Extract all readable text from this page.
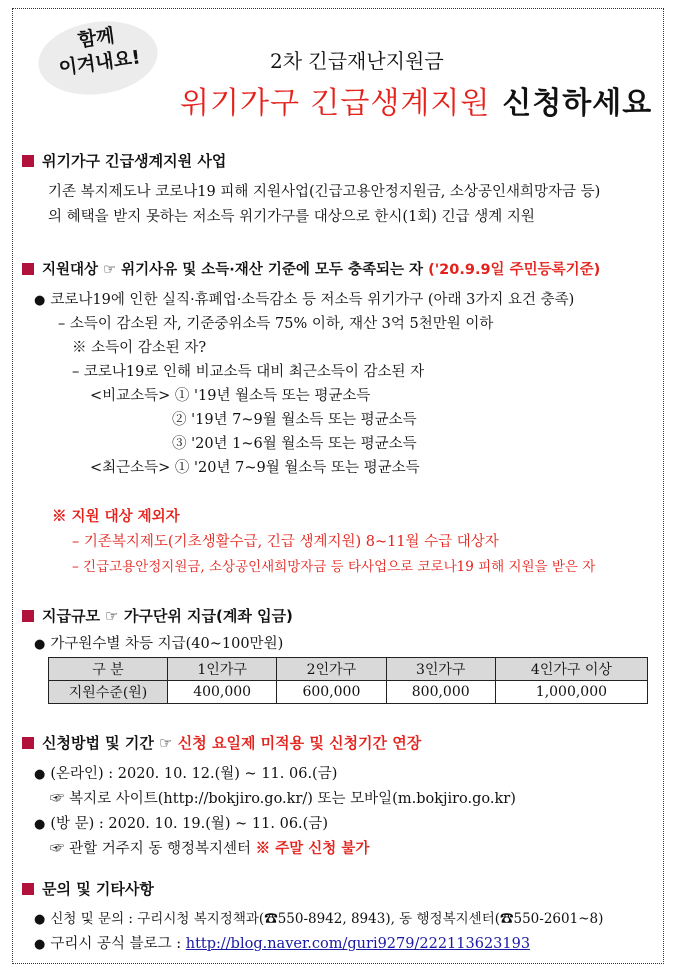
함께
이겨내요!	2차 긴급재난지원금
위기가구 긴급생계지원 신청하세요
위기가구 긴급생계지원 사업
기존 복지제도나 코로나19 피해 지원사업(긴급고용안정지원금, 소상공인새희망자금 등)
의 혜택을 받지 못하는 저소득 위기가구를 대상으로 한시(1회) 긴급 생계 지원
지원대상 ☞ 위기사유 및 소득·재산 기준에 모두 충족되는 자 ('20.9.9일 주민등록기준)
● 코로나19에 인한 실직·휴폐업·소득감소 등 저소득 위기가구 (아래 3가지 요건 충족)
– 소득이 감소된 자, 기준중위소득 75% 이하, 재산 3억 5천만원 이하
※ 소득이 감소된 자?
– 코로나19로 인해 비교소득 대비 최근소득이 감소된 자
<비교소득> ① '19년 월소득 또는 평균소득
② '19년 7~9월 월소득 또는 평균소득
③ '20년 1~6월 월소득 또는 평균소득
<최근소득> ① '20년 7~9월 월소득 또는 평균소득
※ 지원 대상 제외자
– 기존복지제도(기초생활수급, 긴급 생계지원) 8~11월 수급 대상자
– 긴급고용안정지원금, 소상공인새희망자금 등 타사업으로 코로나19 피해 지원을 받은 자
지급규모 ☞ 가구단위 지급(계좌 입금)
● 가구원수별 차등 지급(40~100만원)
구 분	1인가구	2인가구	3인가구	4인가구 이상
지원수준(원)	400,000	600,000	800,000	1,000,000
신청방법 및 기간 ☞ 신청 요일제 미적용 및 신청기간 연장
● (온라인) : 2020. 10. 12.(월) ~ 11. 06.(금)
☞ 복지로 사이트(http://bokjiro.go.kr/) 또는 모바일(m.bokjiro.go.kr)
● (방 문) : 2020. 10. 19.(월) ~ 11. 06.(금)
☞ 관할 거주지 동 행정복지센터 ※ 주말 신청 불가
문의 및 기타사항
● 신청 및 문의 : 구리시청 복지정책과(☎550-8942, 8943), 동 행정복지센터(☎550-2601~8)
● 구리시 공식 블로그 : http://blog.naver.com/guri9279/222113623193
